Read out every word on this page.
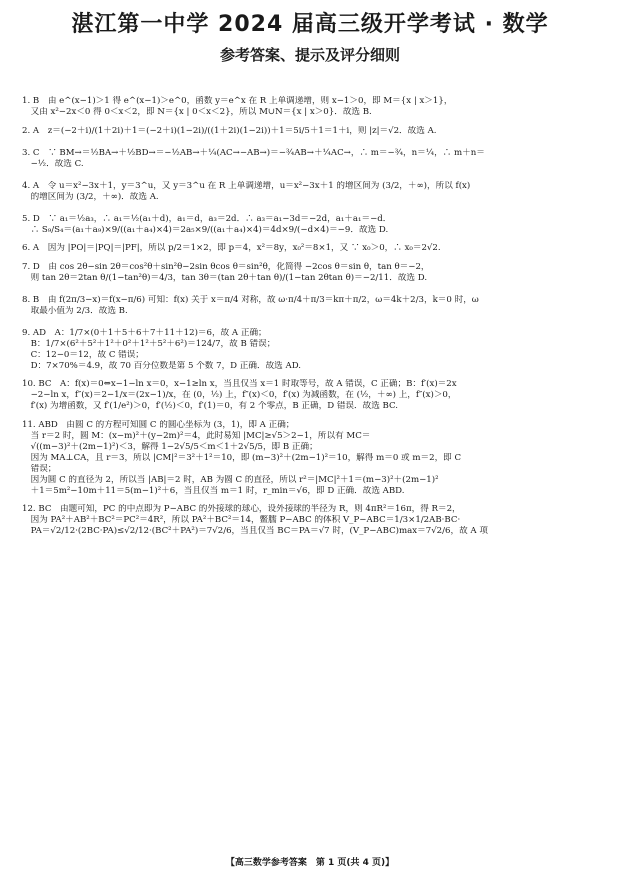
湛江第一中学 2024 届高三级开学考试 · 数学
参考答案、提示及评分细则
1. B　由 e^(x−1)＞1 得 e^(x−1)＞e^0，函数 y＝e^x 在 R 上单调递增，则 x−1＞0，即 M＝{x | x＞1}，
　又由 x²−2x＜0 得 0＜x＜2，即 N＝{x | 0＜x＜2}，所以 M∪N＝{x | x＞0}．故选 B.
2. A　z＝(−2＋i)/(1＋2i)＋1＝(−2＋i)(1−2i)/((1＋2i)(1−2i))＋1＝5i/5＋1＝1＋i，则 |z|＝√2．故选 A.
3. C　∵ BM→＝½BA→＋½BD→＝−½AB→＋¼(AC→−AB→)＝−¾AB→＋¼AC→，∴ m＝−¾，n＝¼，∴ m＋n＝
　−½．故选 C.
4. A　令 u＝x²−3x＋1，y＝3^u，又 y＝3^u 在 R 上单调递增，u＝x²−3x＋1 的增区间为 (3/2，＋∞)，所以 f(x)
　的增区间为 (3/2，＋∞)．故选 A.
5. D　∵ a₁＝½a₃，∴ a₁＝½(a₁＋d)，a₁＝d，a₃＝2d．∴ a₃＝a₁−3d＝−2d，a₁＋a₁＝−d．
　∴ S₉/S₄＝(a₁＋a₉)×9/((a₁＋a₄)×4)＝2a₅×9/((a₁＋a₄)×4)＝4d×9/(−d×4)＝−9．故选 D.
6. A　因为 |PO|＝|PQ|＝|PF|，所以 p/2＝1×2，即 p＝4，x²＝8y，x₀²＝8×1，又 ∵ x₀＞0，∴ x₀＝2√2.
7. D　由 cos 2θ−sin 2θ＝cos²θ＋sin²θ−2sin θcos θ＝sin²θ，化简得 −2cos θ＝sin θ，tan θ＝−2，
　则 tan 2θ＝2tan θ/(1−tan²θ)＝4/3，tan 3θ＝(tan 2θ＋tan θ)/(1−tan 2θtan θ)＝−2/11．故选 D.
8. B　由 f(2π/3−x)＝f(x−π/6) 可知：f(x) 关于 x＝π/4 对称，故 ω·π/4＋π/3＝kπ＋π/2，ω＝4k＋2/3，k＝0 时，ω
　取最小值为 2/3．故选 B.
9. AD　A：1/7×(0＋1＋5＋6＋7＋11＋12)＝6，故 A 正确；
　B：1/7×(6²＋5²＋1²＋0²＋1²＋5²＋6²)＝124/7，故 B 错误；
　C：12−0＝12，故 C 错误；
　D：7×70%＝4.9，故 70 百分位数是第 5 个数 7，D 正确．故选 AD.
10. BC　A：f(x)＝0⇔x−1−ln x＝0，x−1≥ln x，当且仅当 x＝1 时取等号，故 A 错误，C 正确；B：f′(x)＝2x
　−2−ln x，f″(x)＝2−1/x＝(2x−1)/x，在 (0，½) 上，f″(x)＜0，f′(x) 为减函数，在 (½，＋∞) 上，f″(x)＞0，
　f′(x) 为增函数，又 f′(1/e²)＞0，f′(½)＜0，f′(1)＝0，有 2 个零点，B 正确，D 错误．故选 BC.
11. ABD　由圆 C 的方程可知圆 C 的圆心坐标为 (3，1)，即 A 正确；
　当 r＝2 时，圆 M：(x−m)²＋(y−2m)²＝4，此时易知 |MC|≥√5＞2−1，所以有 MC＝
　√((m−3)²＋(2m−1)²)＜3，解得 1−2√5/5＜m＜1＋2√5/5，即 B 正确；
　因为 MA⊥CA，且 r＝3，所以 |CM|²＝3²＋1²＝10，即 (m−3)²＋(2m−1)²＝10，解得 m＝0 或 m＝2，即 C
　错误；
　因为圆 C 的直径为 2，所以当 |AB|＝2 时，AB 为圆 C 的直径，所以 r²＝|MC|²＋1＝(m−3)²＋(2m−1)²
　＋1＝5m²−10m＋11＝5(m−1)²＋6，当且仅当 m＝1 时，r_min＝√6，即 D 正确．故选 ABD.
12. BC　由题可知，PC 的中点即为 P−ABC 的外接球的球心，设外接球的半径为 R，则 4πR²＝16π，得 R＝2，
　因为 PA²＋AB²＋BC²＝PC²＝4R²，所以 PA²＋BC²＝14，鳖臑 P−ABC 的体积 V_P−ABC＝1/3×1/2AB·BC·
　PA＝√2/12·(2BC·PA)≤√2/12·(BC²＋PA²)＝7√2/6，当且仅当 BC＝PA＝√7 时，(V_P−ABC)max＝7√2/6，故 A 项
【高三数学参考答案　第 1 页(共 4 页)】
